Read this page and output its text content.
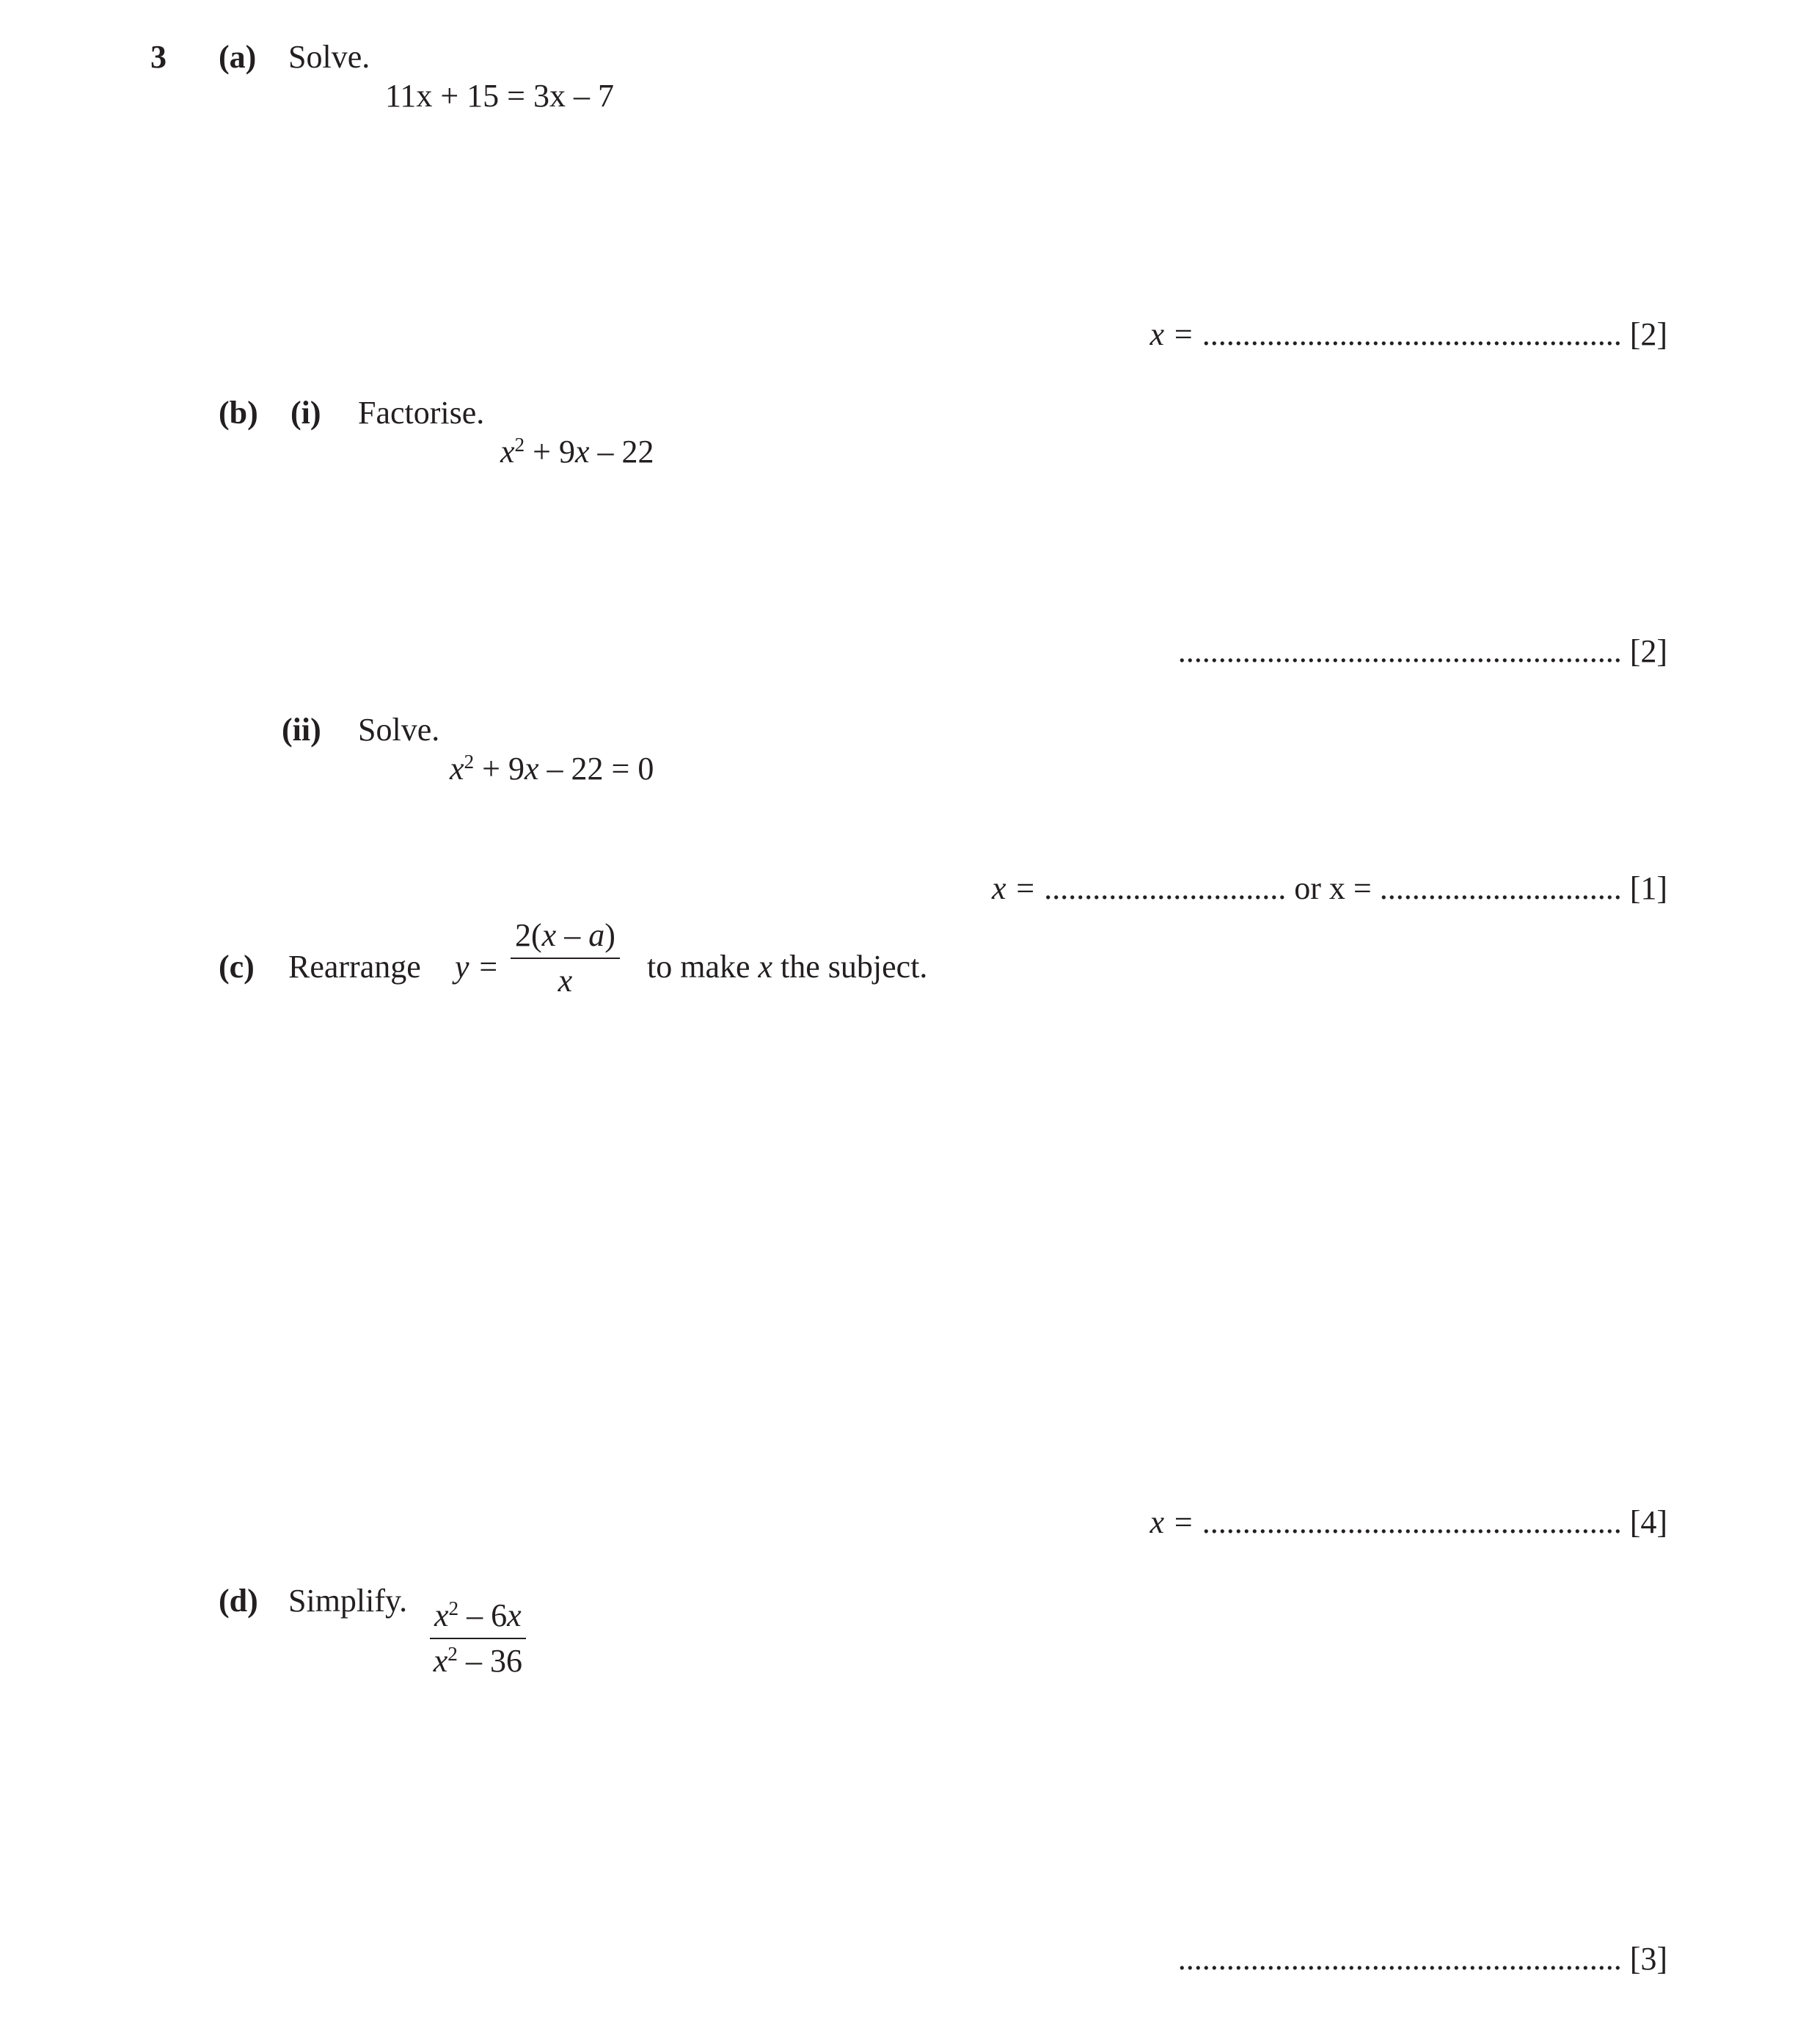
3 (a) Solve.
11x + 15 = 3x – 7
x = .................................................... [2]
(b) (i) Factorise.
$x^2 + 9x - 22$
....................................................... [2]
(ii) Solve.
$x^2 + 9x - 22 = 0$
x = .............................. or x = .............................. [1]
(c) Rearrange y =
2(x – a)
x to make x the subject.
x = .................................................... [4]
(d) Simplify. $x^2 - 6x$
$x^2 - 36$
....................................................... [3]
